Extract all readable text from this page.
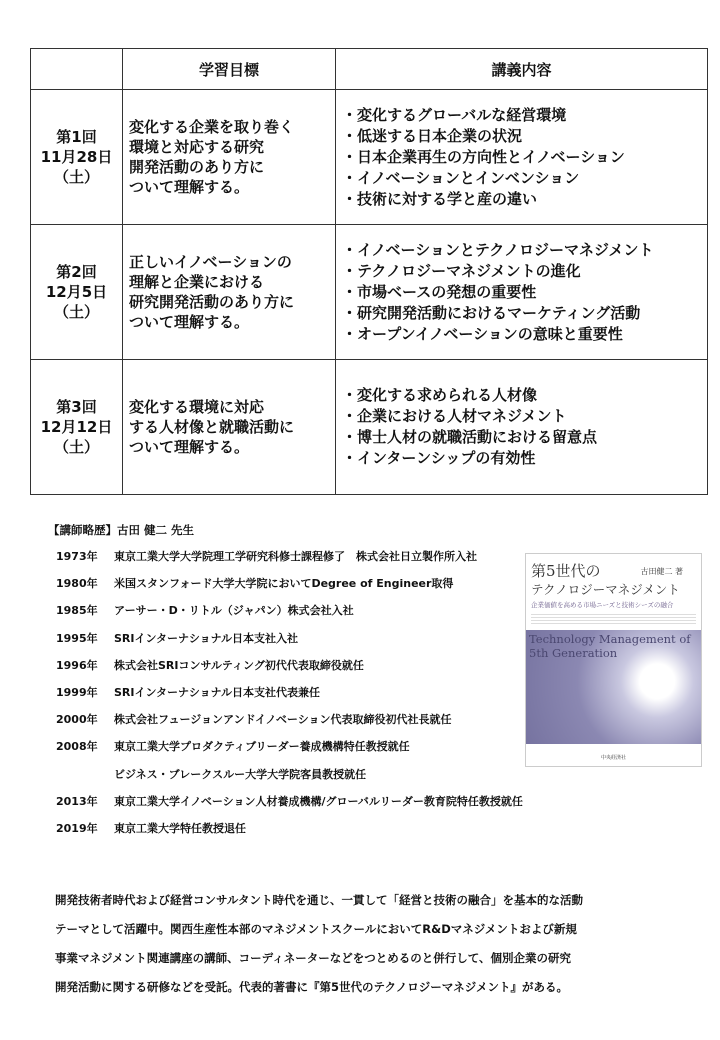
	学習目標	講義内容

第1回
11月28日
（土）	変化する企業を取り巻く
環境と対応する研究
開発活動のあり方に
ついて理解する。	・変化するグローバルな経営環境
・低迷する日本企業の状況
・日本企業再生の方向性とイノベーション
・イノベーションとインベンション
・技術に対する学と産の違い

第2回
12月5日
（土）	正しいイノベーションの
理解と企業における
研究開発活動のあり方に
ついて理解する。	・イノベーションとテクノロジーマネジメント
・テクノロジーマネジメントの進化
・市場ベースの発想の重要性
・研究開発活動におけるマーケティング活動
・オープンイノベーションの意味と重要性

第3回
12月12日
（土）	変化する環境に対応
する人材像と就職活動に
ついて理解する。	・変化する求められる人材像
・企業における人材マネジメント
・博士人材の就職活動における留意点
・インターンシップの有効性
【講師略歴】古田 健二 先生
1973年	東京工業大学大学院理工学研究科修士課程修了　株式会社日立製作所入社
1980年	米国スタンフォード大学大学院においてDegree of Engineer取得
1985年	アーサー・D・リトル（ジャパン）株式会社入社
1995年	SRIインターナショナル日本支社入社
1996年	株式会社SRIコンサルティング初代代表取締役就任
1999年	SRIインターナショナル日本支社代表兼任
2000年	株式会社フュージョンアンドイノベーション代表取締役初代社長就任
2008年	東京工業大学プロダクティブリーダー養成機構特任教授就任
ビジネス・ブレークスルー大学大学院客員教授就任
2013年	東京工業大学イノベーション人材養成機構/グローバルリーダー教育院特任教授就任
2019年	東京工業大学特任教授退任
第5世代の	古田健二 著
テクノロジーマネジメント
企業価値を高める市場ニーズと技術シーズの融合
Technology Management of
5th Generation
中央経済社
開発技術者時代および経営コンサルタント時代を通じ、一貫して「経営と技術の融合」を基本的な活動
テーマとして活躍中。関西生産性本部のマネジメントスクールにおいてR&Dマネジメントおよび新規
事業マネジメント関連講座の講師、コーディネーターなどをつとめるのと併行して、個別企業の研究
開発活動に関する研修などを受託。代表的著書に『第5世代のテクノロジーマネジメント』がある。
